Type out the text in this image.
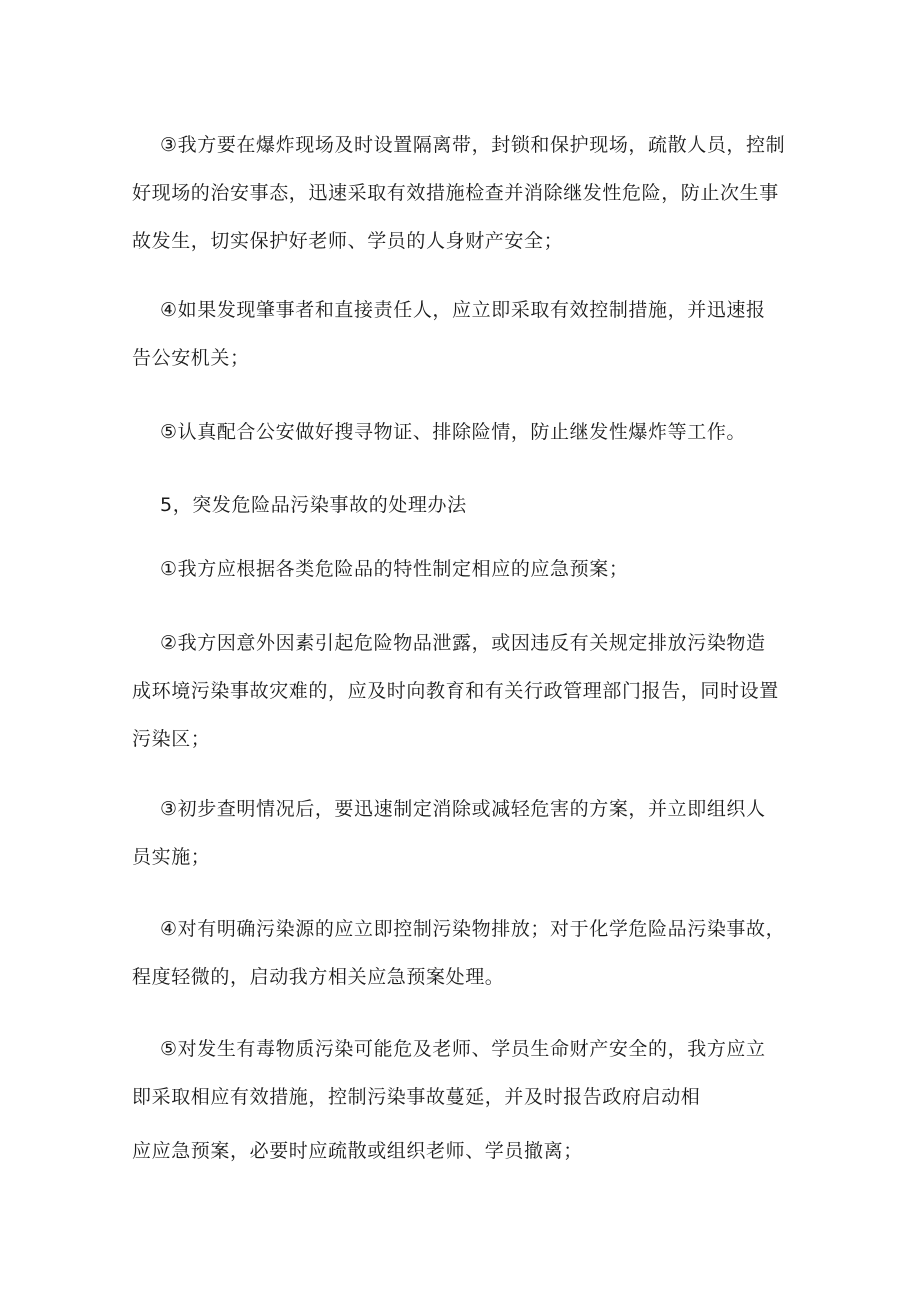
③我方要在爆炸现场及时设置隔离带，封锁和保护现场，疏散人员，控制
好现场的治安事态，迅速采取有效措施检查并消除继发性危险，防止次生事
故发生，切实保护好老师、学员的人身财产安全；
④如果发现肇事者和直接责任人，应立即采取有效控制措施，并迅速报
告公安机关；
⑤认真配合公安做好搜寻物证、排除险情，防止继发性爆炸等工作。
5，突发危险品污染事故的处理办法
①我方应根据各类危险品的特性制定相应的应急预案；
②我方因意外因素引起危险物品泄露，或因违反有关规定排放污染物造
成环境污染事故灾难的，应及时向教育和有关行政管理部门报告，同时设置
污染区；
③初步查明情况后，要迅速制定消除或减轻危害的方案，并立即组织人
员实施；
④对有明确污染源的应立即控制污染物排放；对于化学危险品污染事故，
程度轻微的，启动我方相关应急预案处理。
⑤对发生有毒物质污染可能危及老师、学员生命财产安全的，我方应立
即采取相应有效措施，控制污染事故蔓延，并及时报告政府启动相
应应急预案，必要时应疏散或组织老师、学员撤离；
